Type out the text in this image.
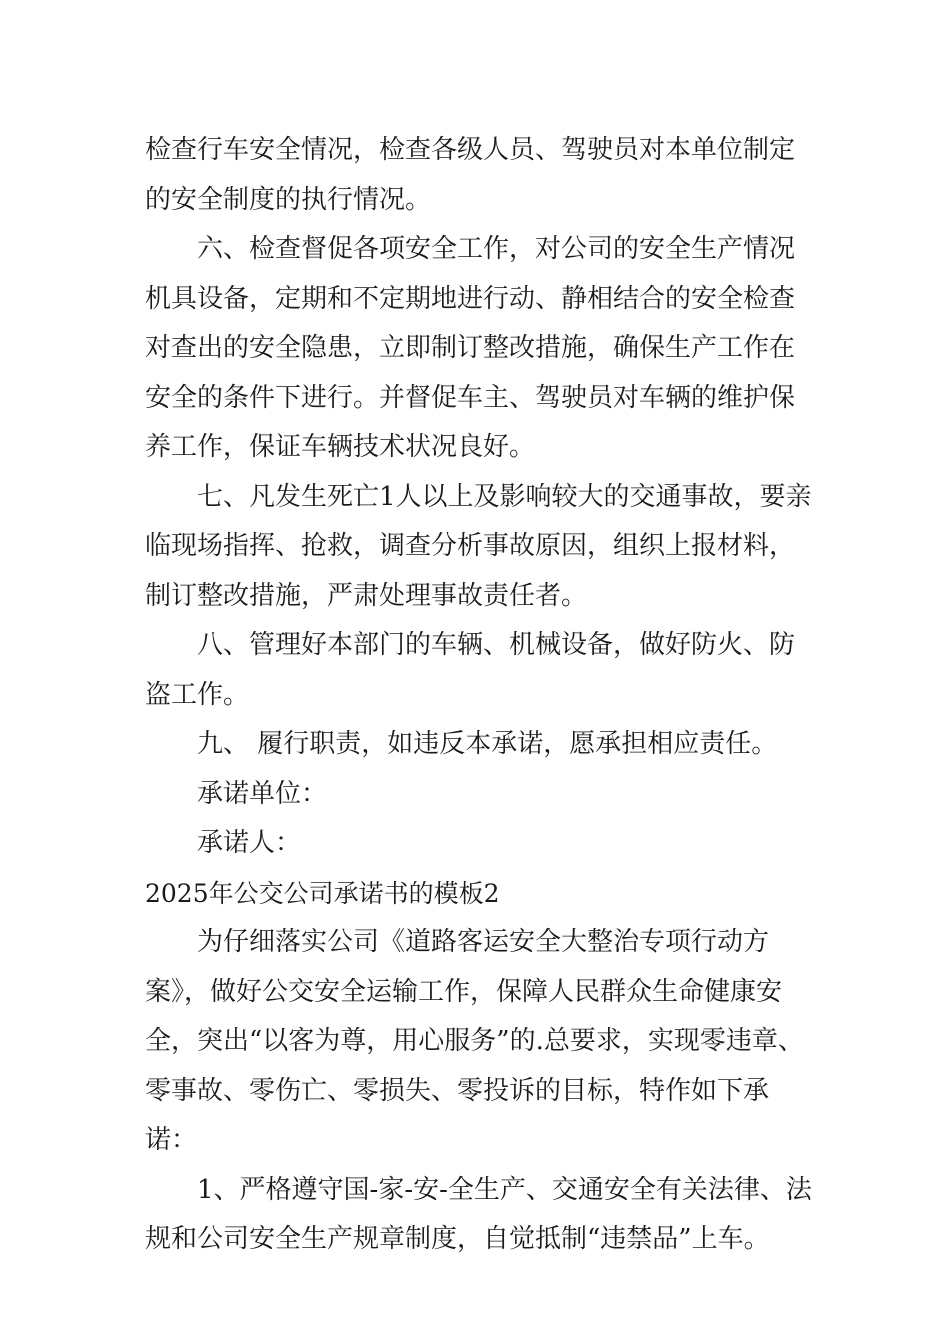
检查行车安全情况，检查各级人员、驾驶员对本单位制定的安全制度的执行情况。

六、检查督促各项安全工作，对公司的安全生产情况机具设备，定期和不定期地进行动、静相结合的安全检查对查出的安全隐患，立即制订整改措施，确保生产工作在安全的条件下进行。并督促车主、驾驶员对车辆的维护保养工作，保证车辆技术状况良好。

七、凡发生死亡1人以上及影响较大的交通事故，要亲临现场指挥、抢救，调查分析事故原因，组织上报材料，制订整改措施，严肃处理事故责任者。

八、管理好本部门的车辆、机械设备，做好防火、防盗工作。

九、 履行职责，如违反本承诺，愿承担相应责任。

承诺单位：

承诺人：

2025年公交公司承诺书的模板2

为仔细落实公司《道路客运安全大整治专项行动方案》，做好公交安全运输工作，保障人民群众生命健康安全，突出“以客为尊，用心服务”的.总要求，实现零违章、零事故、零伤亡、零损失、零投诉的目标，特作如下承诺：

1、严格遵守国-家-安-全生产、交通安全有关法律、法规和公司安全生产规章制度，自觉抵制“违禁品”上车。
